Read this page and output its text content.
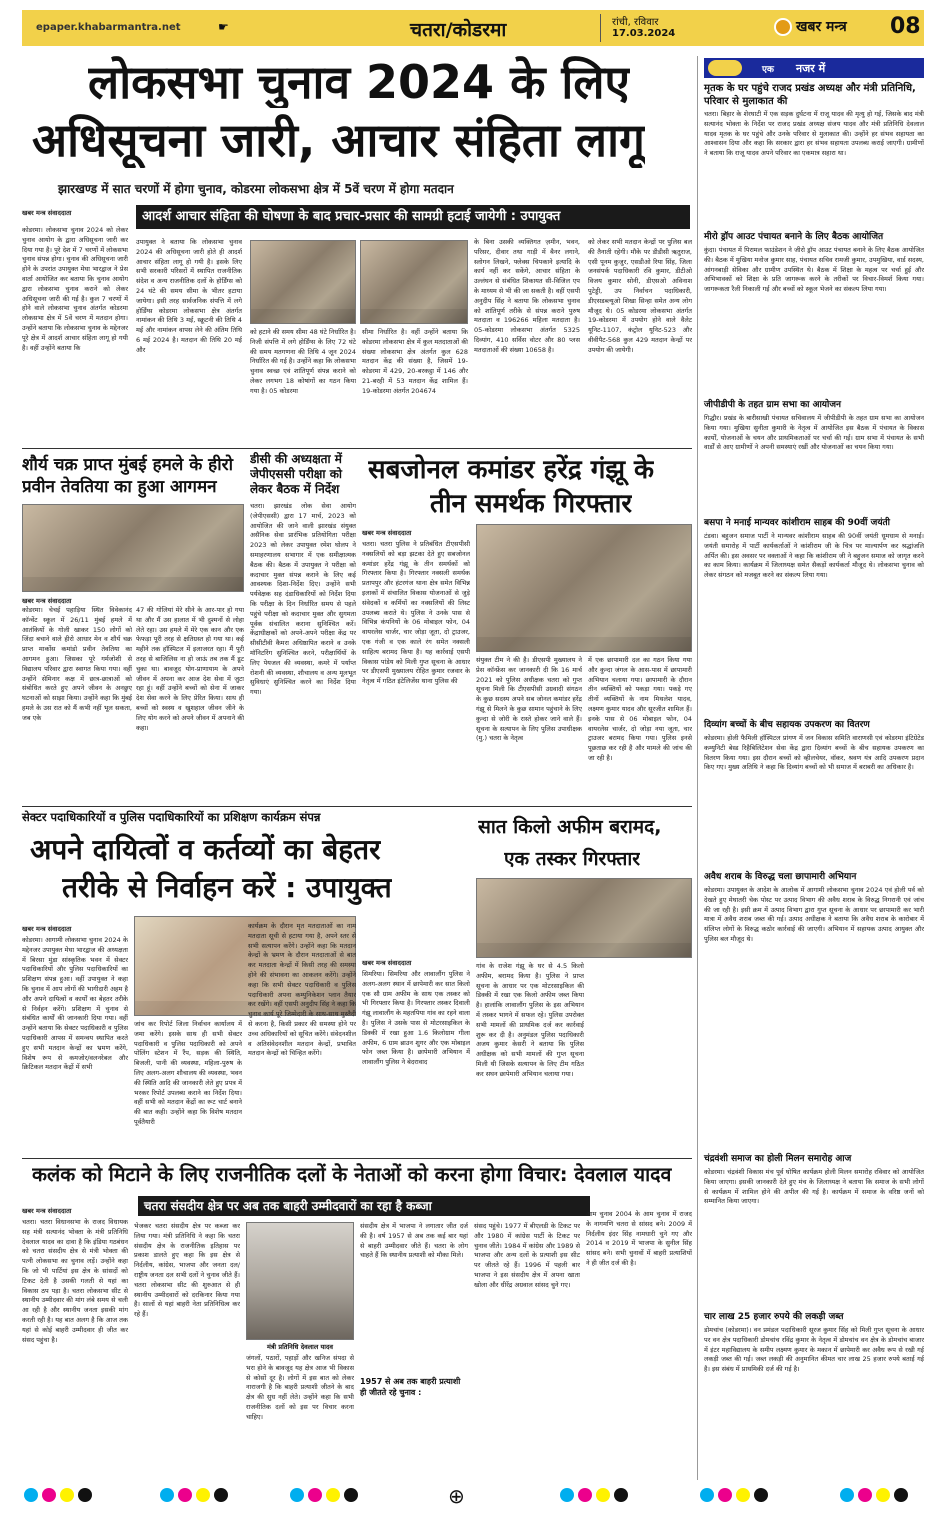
epaper.khabarmantra.net	☛	चतरा/कोडरमा	रांची, रविवार
17.03.2024	खबर मन्त्र 08
लोकसभा चुनाव 2024 के लिए
अधिसूचना जारी, आचार संहिता लागू
झारखण्ड में सात चरणों में होगा चुनाव, कोडरमा लोकसभा क्षेत्र में 5वें चरण में होगा मतदान
खबर मन्त्र संवाददाता	आदर्श आचार संहिता की घोषणा के बाद प्रचार-प्रसार की सामग्री हटाई जायेगी : उपायुक्त
कोडरमा। लोकसभा चुनाव 2024 को लेकर चुनाव आयोग के द्वारा अधिसूचना जारी कर दिया गया है। पूरे देश में 7 चरणों में लोकसभा चुनाव संपन्न होगा। चुनाव की अधिसूचना जारी होने के उपरांत उपायुक्त मेघा भारद्वाज ने प्रेस वार्ता आयोजित कर बताया कि चुनाव आयोग द्वारा लोकसभा चुनाव कराने को लेकर अधिसूचना जारी की गई है। कुल 7 चरणों में होने वाले लोकसभा चुनाव अंतर्गत कोडरमा लोकसभा क्षेत्र में 5वें चरण में मतदान होगा। उन्होंने बताया कि लोकसभा चुनाव के मद्देनजर पूरे क्षेत्र में आदर्श आचार संहिता लागू हो गयी है। वहीं उन्होंने बताया कि
उपायुक्त ने बताया कि लोकसभा चुनाव 2024 की अधिसूचना जारी होते ही आदर्श आचार संहिता लागू हो गयी है। इसके लिए सभी सरकारी परिसरों में स्थापित राजनीतिक संदेश व अन्य राजनीतिक दलों के होर्डिंग्स को 24 घंटे की समय सीमा के भीतर हटाया जायेगा। इसी तरह सार्वजनिक संपत्ति में लगे होर्डिंग्स कोडरमा लोकसभा क्षेत्र अंतर्गत नामांकन की तिथि 3 मई, स्क्रूटनी की तिथि 4 मई और नामांकन वापस लेने की अंतिम तिथि 6 मई 2024 है। मतदान की तिथि 20 मई और
को हटाने की समय सीमा 48 घंटे निर्धारित है। निजी संपत्ति में लगे होर्डिंग्स के लिए 72 घंटे की समय मतगणना की तिथि 4 जून 2024 निर्धारित की गई है। उन्होंने कहा कि लोकसभा चुनाव स्वच्छ एवं शांतिपूर्ण संपन्न कराने को लेकर लगभग 18 कोषांगों का गठन किया गया है। 05 कोडरमा
सीमा निर्धारित है। वहीं उन्होंने बताया कि कोडरमा लोकसभा क्षेत्र में कुल मतदाताओं की संख्या लोकसभा क्षेत्र अंतर्गत कुल 628 मतदान केंद्र की संख्या है, जिसमें 19-कोडरमा में 429, 20-बरकट्ठा में 146 और 21-बरही में 53 मतदान केंद्र शामिल हैं। 19-कोडरमा अंतर्गत 204674
के बिना उसकी व्यक्तिगत ज़मीन, भवन, परिसर, दीवार तथा गाड़ी में बैनर लगाने, स्लोगन लिखने, फ्लेक्स चिपकाने इत्यादि के कार्य नहीं कर सकेंगे, आचार संहिता के उल्लंघन से संबंधित शिकायत सी-विजिल एप के माध्यम से भी की जा सकती है। वहीं एसपी अनुदीप सिंह ने बताया कि लोकसभा चुनाव को शांतिपूर्ण तरीके से संपन्न कराने पुरुष मतदाता व 196266 महिला मतदाता है। 05-कोडरमा लोकसभा अंतर्गत 5325 दिव्यांग, 410 सर्विस वोटर और 80 प्लस मतदाताओं की संख्या 10658 है।
को लेकर सभी मतदान केन्द्रों पर पुलिस बल की तैनाती रहेगी। मौके पर डीडीसी ऋतुराज, एसी पूनम कुजुर, एसडीओ रिया सिंह, जिला जनसंपर्क पदाधिकारी रवि कुमार, डीटीओ विजय कुमार सोनी, डीएसओ अविनाश पुटेड्डी, उप निर्वाचन पदाधिकारी, डीएसडब्ल्यूओ शिखा सिन्हा समेत अन्य लोग मौजूद थे। 05 कोडरमा लोकसभा अंतर्गत 19-कोडरमा में उपयोग होने वाले वैलेट यूनिट-1107, कंट्रोल यूनिट-523 और वीवीपैट-568 कुल 429 मतदान केन्द्रों पर उपयोग की जायेगी।
शौर्य चक्र प्राप्त मुंबई हमले के हीरो प्रवीन तेवतिया का हुआ आगमन
खबर मन्त्र संवाददाता
कोडरमा। चेचई पहाड़िया स्थित विवेकानंद कॉन्वेंट स्कूल में 26/11 मुंबई हमले में आतंकियों के गोली खाकर 150 लोगों को जिंदा बचाने वाले हीरो आधार मेन व शौर्य चक्र प्राप्त मार्कोस कमांडो प्रवीन तेवतिया का आगमन हुआ। जिसका पूरे गर्मजोशी से विद्यालय परिवार द्वारा स्वागत किया गया। वहीं उन्होंने सेमिनार कक्ष में छात्र-छात्राओं को संबोधित करते हुए अपने जीवन के अनछुए घटनाओं को साझा किया। उन्होंने कहा कि मुंबई हमले के उस रात को मैं कभी नहीं भूल सकता, जब एके
47 की गोलियां मेरे सीने के आर-पार हो गया था और मैं उस हालात में भी दुश्मनों से लोहा लेते रहा। उस हमले में मेरे एक कान और एक फेफड़ा पूरी तरह से क्षतिग्रस्त हो गया था। कई महीने तक हॉस्पिटल में इलाजरत रहा। मैं पूरी तरह से बाजिलिस ना हो जाऊं तब तक मैं डूट चुका था। बावजूद योग-प्राणायाम के अपने जीवन में अपना कर आज देश सेवा में जुटा रहा हूं। वहीं उन्होंने बच्चों को सेना में जाकर देश सेवा करने के लिए प्रेरित किया। साथ ही बच्चों को स्वस्थ व खुशहाल जीवन जीने के लिए योग करने को अपने जीवन में अपनाने की कहा।
डीसी की अध्यक्षता में जेपीएससी परीक्षा को लेकर बैठक में निर्देश
चतरा। झारखंड लोक सेवा आयोग (जेपीएससी) द्वारा 17 मार्च, 2023 को आयोजित की जाने वाली झारखंड संयुक्त असैनिक सेवा प्रारंभिक प्रतियोगिता परीक्षा 2023 को लेकर उपायुक्त रमेश घोलप ने समाहरणालय सभागार में एक समीक्षात्मक बैठक की। बैठक में उपायुक्त ने परीक्षा को कदाचार मुक्त संपन्न कराने के लिए कई आवश्यक दिशा-निर्देश दिए। उन्होंने सभी पर्यवेक्षक सह दंडाधिकारियों को निर्देश दिया कि परीक्षा के दिन निर्धारित समय से पहले पहुंचे परीक्षा को कदाचार मुक्त और सुगमता पूर्वक संचालित कराना सुनिश्चित करें। केंद्राधीक्षकों को अपने-अपने परीक्षा केंद्र पर सीसीटीवी कैमरा अधिष्ठापित कराने व उनके मॉनिटरिंग सुनिश्चित करने, परीक्षार्थियों के लिए पेयजल की व्यवस्था, कमरे में पर्याप्त रोशनी की व्यवस्था, शौचालय व अन्य मूलभूत सुविधाएं सुनिश्चित करने का निर्देश दिया गया।
सबजोनल कमांडर हरेंद्र गंझू के
तीन समर्थक गिरफ्तार
खबर मन्त्र संवाददाता
चतरा। चतरा पुलिस ने प्रतिबंधित टीएसपीसी नक्सलियों को बड़ा झटका देते हुए सबजोनल कमांडर हरेंद्र गंझू के तीन समर्थकों को गिरफ्तार किया है। गिरफ्तार नक्सली समर्थक प्रतापपुर और हंटरगंज थाना क्षेत्र समेत विभिन्न इलाकों में संचालित विकास योजनाओं से जुड़े संवेदकों व कर्मियों का नक्सलियों की लिस्ट उपलब्ध कराते थे। पुलिस ने उनके पास से विभिन्न कंपनियों के 06 मोबाइल फोन, 04 वायरलेस चार्जर, चार जोड़ा जूता, दो ट्राउजर, एक गंजी व एक काले रंग समेत नक्सली साहित्य बरामद किया है। यह कार्रवाई एसपी विकास पांडेय को मिली गुप्त सूचना के आधार पर डीएसपी मुख्यालय रोहित कुमार रजवार के नेतृत्व में गठित इंटेलिजेंस थाना पुलिस की
संयुक्त टीम ने की है। डीएसपी मुख्यालय ने प्रेस कॉन्फ्रेंस कर जानकारी दी कि 16 मार्च 2021 को पुलिस अधीक्षक चतरा को गुप्त सूचना मिली कि टीएसपीसी उग्रवादी संगठन के कुछ सदस्य अपने सब जोनल कमांडर हरेंद्र गंझू से मिलने के कुछ सामान पहुंचाने के लिए कुन्दा से जोरी के रास्ते होकर जाने वाले हैं। सूचना के सत्यापन के लिए पुलिस उपाधीक्षक (मु.) चतरा के नेतृत्व
में एक छापामारी दल का गठन किया गया और कुन्दा जंगल के आस-पास में छापामारी अभियान चलाया गया। छापामारी के दौरान तीन व्यक्तियों को पकड़ा गया। पकड़े गए तीनों व्यक्तियों के नाम मिथलेश यादव, लक्ष्मण कुमार यादव और सूरजीत शामिल हैं। इनके पास से 06 मोबाइल फोन, 04 वायरलेस चार्जर, दो जोड़ा नया जूता, चार ट्राउजर बरामद किया गया। पुलिस इनसे पूछताछ कर रही है और मामले की जांच की जा रही है।
सेक्टर पदाधिकारियों व पुलिस पदाधिकारियों का प्रशिक्षण कार्यक्रम संपन्न
अपने दायित्वों व कर्तव्यों का बेहतर
तरीके से निर्वाहन करें : उपायुक्त
खबर मन्त्र संवाददाता
कोडरमा। आगामी लोकसभा चुनाव 2024 के मद्देनजर उपायुक्त मेघा भारद्वाज की अध्यक्षता में बिरसा मुंडा सांस्कृतिक भवन में सेक्टर पदाधिकारियों और पुलिस पदाधिकारियों का प्रशिक्षण संपन्न हुआ। वहीं उपायुक्त ने कहा कि चुनाव में आप लोगों की भागीदारी अहम है और अपने दायित्वों व कार्यों का बेहतर तरीके से निर्वहन करेंगे। प्रशिक्षण में चुनाव से संबंधित कार्यों की जानकारी दिया गया। वहीं उन्होंने बताया कि सेक्टर पदाधिकारी व पुलिस पदाधिकारी आपस में समन्वय स्थापित करते हुए सभी मतदान केन्द्रों का भ्रमण करेंगे, विशेष रूप से कमजोर/वलनरेबल और क्रिटिकल मतदान केंद्रों में सभी
जांच कर रिपोर्ट जिला निर्वाचन कार्यालय में जमा करेंगे। इसके साथ ही सभी सेक्टर पदाधिकारी व पुलिस पदाधिकारी को अपने पोलिंग स्टेशन में रैंप, सड़क की स्थिति, बिजली, पानी की व्यवस्था, महिला-पुरुष के लिए अलग-अलग शौचालय की व्यवस्था, भवन की स्थिति आदि की जानकारी लेते हुए प्रपत्र में भरकर रिपोर्ट उपलब्ध कराने का निर्देश दिया। वहीं सभी को मतदान केंद्रों का रूट चार्ट बनाने की बात कही। उन्होंने कहा कि विशेष मतदान पूर्वतैयारी
कार्यक्रम के दौरान मृत मतदाताओं का नाम मतदाता सूची से हटाया गया है, अपने स्तर से सभी सत्यापन करेंगे। उन्होंने कहा कि मतदान केन्द्रों के भ्रमण के दौरान मतदाताओं से बात कर मतदाता केन्द्रों में किसी तरह की समस्या होने की संभावना का आकलन करेंगे। उन्होंने कहा कि सभी सेक्टर पदाधिकारी व पुलिस पदाधिकारी अपना कम्युनिकेशन प्लान तैयार कर रखेंगे। वहीं एसपी अनुदीप सिंह ने कहा कि चुनाव कार्य पूरे जिम्मेदारी के साथ-साथ मुस्तैदी से करना है, किसी प्रकार की समस्या होने पर उच्च अधिकारियों को सूचित करेंगे। संवेदनशील व अतिसंवेदनशील मतदान केन्द्रों, प्रभावित मतदान केन्द्रों को चिन्हित करेंगे।
सात किलो अफीम बरामद,
एक तस्कर गिरफ्तार
खबर मन्त्र संवाददाता
सिमरिया। सिमरिया और लावालौंग पुलिस ने अलग-अलग स्थान में छापेमारी कर सात किलो एक सौ ग्राम अफीम के साथ एक तस्कर को भी गिरफ्तार किया है। गिरफ्तार तस्कर दिवाली गंझू लावालौंग के महतपिया गांव का रहने वाला है। पुलिस ने उसके पास से मोटरसाइकिल के डिक्की में रखा हुआ 1.6 किलोग्राम गीला अफीम, 6 ग्राम ब्राउन शुगर और एक मोबाइल फोन जब्त किया है। छापेमारी अभियान में लावालौंग पुलिस ने बेदरावाद
गांव के राजेश गंझू के घर से 4.5 किलो अफीम, बरामद किया है। पुलिस ने प्राप्त सूचना के आधार पर एक मोटरसाइकिल की डिक्की में रखा एक किलो अफीम जब्त किया है। हालांकि लावालौंग पुलिस के इस अभियान में तस्कर भागने में सफल रहे। पुलिस उपरोक्त सभी मामलों की प्राथमिक दर्ज कर कार्रवाई शुरू कर दी है। अनुमंडल पुलिस पदाधिकारी अजय कुमार केसरी ने बताया कि पुलिस अधीक्षक को सभी मामलों की गुप्त सूचना मिली थी जिसके सत्यापन के लिए टीम गठित कर सघन छापेमारी अभियान चलाया गया।
कलंक को मिटाने के लिए राजनीतिक दलों के नेताओं को करना होगा विचार: देवलाल यादव
चतरा संसदीय क्षेत्र पर अब तक बाहरी उम्मीदवारों का रहा है कब्जा
खबर मन्त्र संवाददाता
चतरा। चतरा विधानसभा के राजद विधायक सह मंत्री सत्यानंद भोक्ता के मंत्री प्रतिनिधि देवलाल यादव का दावा है कि इंडिया गठबंधन को चतरा संसदीय क्षेत्र से मंत्री भोक्ता की पत्नी लोकसभा का चुनाव लड़ें। उन्होंने कहा कि जो भी पार्टियां इस क्षेत्र के सांसदों को टिकट देती है उसकी गलती से यहां का विकास ठप पड़ा है। चतरा लोकसभा सीट से स्थानीय उम्मीदवार की मांग लंबे समय से चली आ रही है और स्थानीय जनता इसकी मांग करती रही है। यह बात अलग है कि आज तक यहां से कोई बाहरी उम्मीदवार ही जीत कर संसद पहुंचा है।
भेजकर चतरा संसदीय क्षेत्र पर कब्जा कर लिया गया। मंत्री प्रतिनिधि ने कहा कि चतरा संसदीय क्षेत्र के राजनीतिक इतिहास पर प्रकाश डालते हुए कहा कि इस क्षेत्र से निर्दलीय, कांग्रेस, भाजपा और जनता दल/राष्ट्रीय जनता दल सभी दलों ने चुनाव जीते हैं। चतरा लोकसभा सीट की शुरुआत से ही स्थानीय उम्मीदवारों को दरकिनार किया गया है। सालों से यहां बाहरी नेता प्रतिनिधित्व कर रहे हैं।
मंत्री प्रतिनिधि देवलाल यादव
जंगलों, पठारों, पहाड़ों और खनिज संपदा से भरा होने के बावजूद यह क्षेत्र आज भी विकास से कोसों दूर है। लोगों में इस बात को लेकर नाराजगी है कि बाहरी प्रत्याशी जीतने के बाद क्षेत्र की सुध नहीं लेते। उन्होंने कहा कि सभी राजनीतिक दलों को इस पर विचार करना चाहिए।
संसदीय क्षेत्र में भाजपा ने लगातार जीत दर्ज की है। वर्ष 1957 से अब तक कई बार यहां से बाहरी उम्मीदवार जीते हैं। चतरा के लोग चाहते हैं कि स्थानीय प्रत्याशी को मौका मिले।
1957 से अब तक बाहरी प्रत्याशी ही जीतते रहे चुनाव :
संसद पहुंचे। 1977 में बीएलडी के टिकट पर और 1980 में कांग्रेस पार्टी के टिकट पर चुनाव जीते। 1984 में कांग्रेस और 1989 से भाजपा और अन्य दलों के प्रत्याशी इस सीट पर जीतते रहे हैं। 1996 में पहली बार भाजपा ने इस संसदीय क्षेत्र में अपना खाता खोला और धीरेंद्र अग्रवाल सांसद चुने गए।
आम चुनाव 2004 के आम चुनाव में राजद के नागमणि चतरा से सांसद बने। 2009 में निर्दलीय इंदर सिंह नामधारी चुने गए और 2014 व 2019 में भाजपा के सुनील सिंह सांसद बने। सभी चुनावों में बाहरी प्रत्याशियों ने ही जीत दर्ज की है।
एक नजर में
मृतक के घर पहुंचे राजद प्रखंड अध्यक्ष और मंत्री प्रतिनिधि, परिवार से मुलाकात की
चतरा। बिहार के शेरघाटी में एक सड़क दुर्घटना में राजू यादव की मृत्यु हो गई, जिसके बाद मंत्री सत्यानंद भोक्ता के निर्देश पर राजद प्रखंड अध्यक्ष संजय यादव और मंत्री प्रतिनिधि देवलाल यादव मृतक के घर पहुंचे और उनके परिवार से मुलाकात की। उन्होंने हर संभव सहायता का आश्वासन दिया और कहा कि सरकार द्वारा हर संभव सहायता उपलब्ध कराई जाएगी। ग्रामीणों ने बताया कि राजू यादव अपने परिवार का एकमात्र सहारा था।
मीरो ड्रॉप आउट पंचायत बनाने के लिए बैठक आयोजित
कुंदा। पंचायत में पिरामल फाउंडेशन ने जीरो ड्रॉप आउट पंचायत बनाने के लिए बैठक आयोजित की। बैठक में मुखिया मनोज कुमार साह, पंचायत सचिव रामजी कुमार, उपमुखिया, वार्ड सदस्य, आंगनबाड़ी सेविका और ग्रामीण उपस्थित थे। बैठक में शिक्षा के महत्व पर चर्चा हुई और अभिभावकों को शिक्षा के प्रति जागरूक करने के तरीकों पर विचार-विमर्श किया गया। जागरूकता रैली निकाली गई और बच्चों को स्कूल भेजने का संकल्प लिया गया।
जीपीडीपी के तहत ग्राम सभा का आयोजन
गिद्धौर। प्रखंड के बारीसाखी पंचायत सचिवालय में जीपीडीपी के तहत ग्राम सभा का आयोजन किया गया। मुखिया सुनीता कुमारी के नेतृत्व में आयोजित इस बैठक में पंचायत के विकास कार्यों, योजनाओं के चयन और प्राथमिकताओं पर चर्चा की गई। ग्राम सभा में पंचायत के सभी वार्डों से आए ग्रामीणों ने अपनी समस्याएं रखीं और योजनाओं का चयन किया गया।
बसपा ने मनाई मान्यवर कांशीराम साहब की 90वीं जयंती
टंडवा। बहुजन समाज पार्टी ने मान्यवर कांशीराम साहब की 90वीं जयंती धूमधाम से मनाई। जयंती समारोह में पार्टी कार्यकर्ताओं ने कांशीराम जी के चित्र पर माल्यार्पण कर श्रद्धांजलि अर्पित की। इस अवसर पर वक्ताओं ने कहा कि कांशीराम जी ने बहुजन समाज को जागृत करने का काम किया। कार्यक्रम में जिलाध्यक्ष समेत सैकड़ों कार्यकर्ता मौजूद थे। लोकसभा चुनाव को लेकर संगठन को मजबूत करने का संकल्प लिया गया।
दिव्यांग बच्चों के बीच सहायक उपकरण का वितरण
कोडरमा। होली फैमिली हॉस्पिटल प्रांगण में जन विकास समिति वाराणसी एवं कोडरमा इंटिग्रेटेड कम्युनिटी बेस्ड रिहैबिलिटेशन सेवा केंद्र द्वारा दिव्यांग बच्चों के बीच सहायक उपकरण का वितरण किया गया। इस दौरान बच्चों को व्हीलचेयर, वॉकर, श्रवण यंत्र आदि उपकरण प्रदान किए गए। मुख्य अतिथि ने कहा कि दिव्यांग बच्चों को भी समाज में बराबरी का अधिकार है।
अवैध शराब के विरुद्ध चला छापामारी अभियान
कोडरमा। उपायुक्त के आदेश के आलोक में आगामी लोकसभा चुनाव 2024 एवं होली पर्व को देखते हुए मेघातरी चेक पोस्ट पर उत्पाद विभाग की अवैध शराब के विरुद्ध निगरानी एवं जांच की जा रही है। इसी क्रम में उत्पाद विभाग द्वारा गुप्त सूचना के आधार पर छापामारी कर भारी मात्रा में अवैध शराब जब्त की गई। उत्पाद अधीक्षक ने बताया कि अवैध शराब के कारोबार में संलिप्त लोगों के विरुद्ध कठोर कार्रवाई की जाएगी। अभियान में सहायक उत्पाद आयुक्त और पुलिस बल मौजूद थे।
चंद्रवंशी समाज का होली मिलन समारोह आज
कोडरमा। चंद्रवंशी विकास मंच पूर्व घोषित कार्यक्रम होली मिलन समारोह रविवार को आयोजित किया जाएगा। इसकी जानकारी देते हुए मंच के जिलाध्यक्ष ने बताया कि समाज के सभी लोगों से कार्यक्रम में शामिल होने की अपील की गई है। कार्यक्रम में समाज के वरिष्ठ जनों को सम्मानित किया जाएगा।
चार लाख 25 हजार रुपये की लकड़ी जब्त
डोमचांच (कोडरमा)। वन प्रमंडल पदाधिकारी सूरज कुमार सिंह को मिली गुप्त सूचना के आधार पर वन क्षेत्र पदाधिकारी डोमचांच रविंद्र कुमार के नेतृत्व में डोमचांच वन क्षेत्र के डोमचांच बाजार में इंटर महाविद्यालय के समीप लक्ष्मण कुमार के मकान में छापेमारी कर अवैध रूप से रखी गई लकड़ी जब्त की गई। जब्त लकड़ी की अनुमानित कीमत चार लाख 25 हजार रुपये बताई गई है। इस संबंध में प्राथमिकी दर्ज की गई है।
⊕
